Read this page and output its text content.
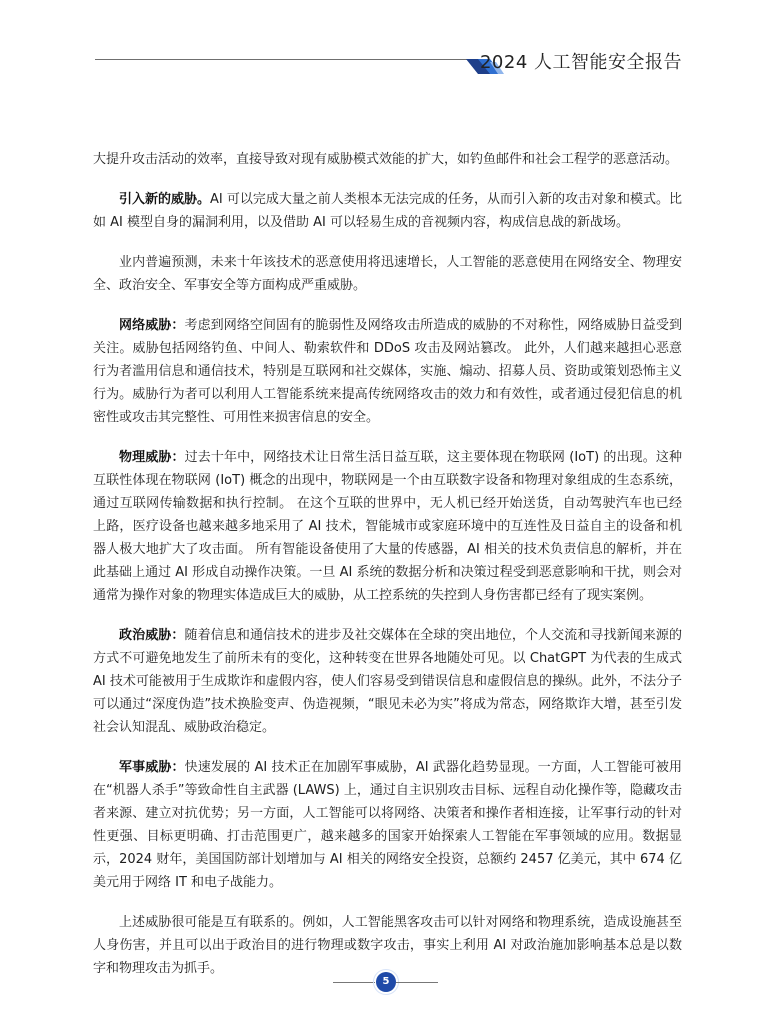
2024 人工智能安全报告

大提升攻击活动的效率，直接导致对现有威胁模式效能的扩大，如钓鱼邮件和社会工程学的恶意活动。

引入新的威胁。AI 可以完成大量之前人类根本无法完成的任务，从而引入新的攻击对象和模式。比如 AI 模型自身的漏洞利用，以及借助 AI 可以轻易生成的音视频内容，构成信息战的新战场。

业内普遍预测，未来十年该技术的恶意使用将迅速增长，人工智能的恶意使用在网络安全、物理安全、政治安全、军事安全等方面构成严重威胁。

网络威胁：考虑到网络空间固有的脆弱性及网络攻击所造成的威胁的不对称性，网络威胁日益受到关注。威胁包括网络钓鱼、中间人、勒索软件和 DDoS 攻击及网站篡改。 此外，人们越来越担心恶意行为者滥用信息和通信技术，特别是互联网和社交媒体，实施、煽动、招募人员、资助或策划恐怖主义行为。威胁行为者可以利用人工智能系统来提高传统网络攻击的效力和有效性，或者通过侵犯信息的机密性或攻击其完整性、可用性来损害信息的安全。

物理威胁：过去十年中，网络技术让日常生活日益互联，这主要体现在物联网 (IoT) 的出现。这种互联性体现在物联网 (IoT) 概念的出现中，物联网是一个由互联数字设备和物理对象组成的生态系统，通过互联网传输数据和执行控制。 在这个互联的世界中，无人机已经开始送货，自动驾驶汽车也已经上路，医疗设备也越来越多地采用了 AI 技术，智能城市或家庭环境中的互连性及日益自主的设备和机器人极大地扩大了攻击面。 所有智能设备使用了大量的传感器，AI 相关的技术负责信息的解析，并在此基础上通过 AI 形成自动操作决策。一旦 AI 系统的数据分析和决策过程受到恶意影响和干扰，则会对通常为操作对象的物理实体造成巨大的威胁，从工控系统的失控到人身伤害都已经有了现实案例。

政治威胁：随着信息和通信技术的进步及社交媒体在全球的突出地位，个人交流和寻找新闻来源的方式不可避免地发生了前所未有的变化，这种转变在世界各地随处可见。以 ChatGPT 为代表的生成式 AI 技术可能被用于生成欺诈和虚假内容，使人们容易受到错误信息和虚假信息的操纵。此外，不法分子可以通过“深度伪造”技术换脸变声、伪造视频，“眼见未必为实”将成为常态，网络欺诈大增，甚至引发社会认知混乱、威胁政治稳定。

军事威胁：快速发展的 AI 技术正在加剧军事威胁，AI 武器化趋势显现。一方面，人工智能可被用在“机器人杀手”等致命性自主武器 (LAWS) 上，通过自主识别攻击目标、远程自动化操作等，隐藏攻击者来源、建立对抗优势；另一方面，人工智能可以将网络、决策者和操作者相连接，让军事行动的针对性更强、目标更明确、打击范围更广，越来越多的国家开始探索人工智能在军事领域的应用。数据显示，2024 财年，美国国防部计划增加与 AI 相关的网络安全投资，总额约 2457 亿美元，其中 674 亿美元用于网络 IT 和电子战能力。

上述威胁很可能是互有联系的。例如，人工智能黑客攻击可以针对网络和物理系统，造成设施甚至人身伤害，并且可以出于政治目的进行物理或数字攻击，事实上利用 AI 对政治施加影响基本总是以数字和物理攻击为抓手。

5
